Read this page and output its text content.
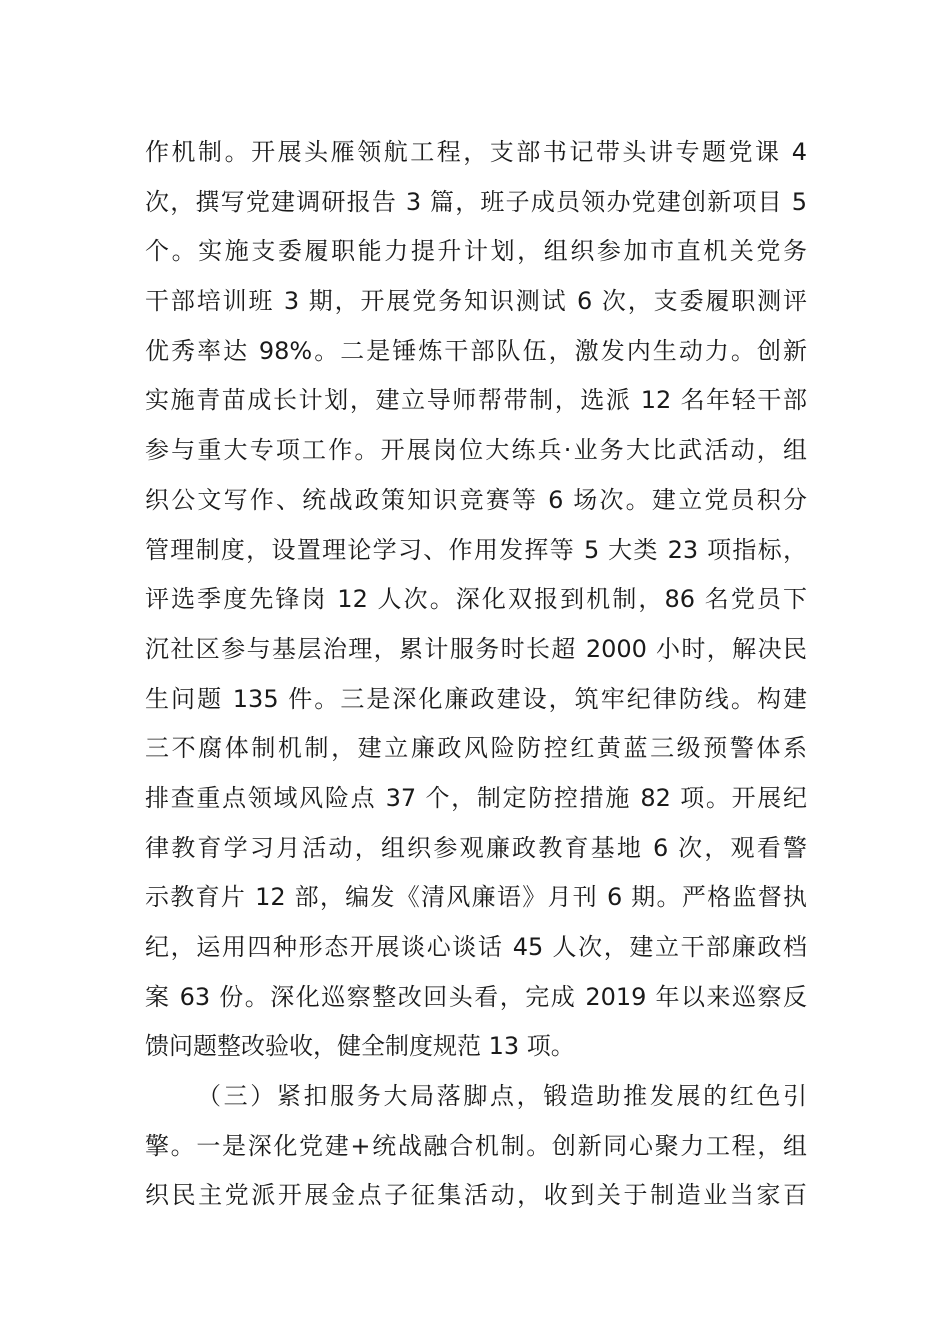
作机制。开展头雁领航工程，支部书记带头讲专题党课 4
次，撰写党建调研报告 3 篇，班子成员领办党建创新项目 5
个。实施支委履职能力提升计划，组织参加市直机关党务
干部培训班 3 期，开展党务知识测试 6 次，支委履职测评
优秀率达 98%。二是锤炼干部队伍，激发内生动力。创新
实施青苗成长计划，建立导师帮带制，选派 12 名年轻干部
参与重大专项工作。开展岗位大练兵·业务大比武活动，组
织公文写作、统战政策知识竞赛等 6 场次。建立党员积分
管理制度，设置理论学习、作用发挥等 5 大类 23 项指标，
评选季度先锋岗 12 人次。深化双报到机制，86 名党员下
沉社区参与基层治理，累计服务时长超 2000 小时，解决民
生问题 135 件。三是深化廉政建设，筑牢纪律防线。构建
三不腐体制机制，建立廉政风险防控红黄蓝三级预警体系
排查重点领域风险点 37 个，制定防控措施 82 项。开展纪
律教育学习月活动，组织参观廉政教育基地 6 次，观看警
示教育片 12 部，编发《清风廉语》月刊 6 期。严格监督执
纪，运用四种形态开展谈心谈话 45 人次，建立干部廉政档
案 63 份。深化巡察整改回头看，完成 2019 年以来巡察反
馈问题整改验收，健全制度规范 13 项。
（三）紧扣服务大局落脚点，锻造助推发展的红色引
擎。一是深化党建+统战融合机制。创新同心聚力工程，组
织民主党派开展金点子征集活动，收到关于制造业当家百
